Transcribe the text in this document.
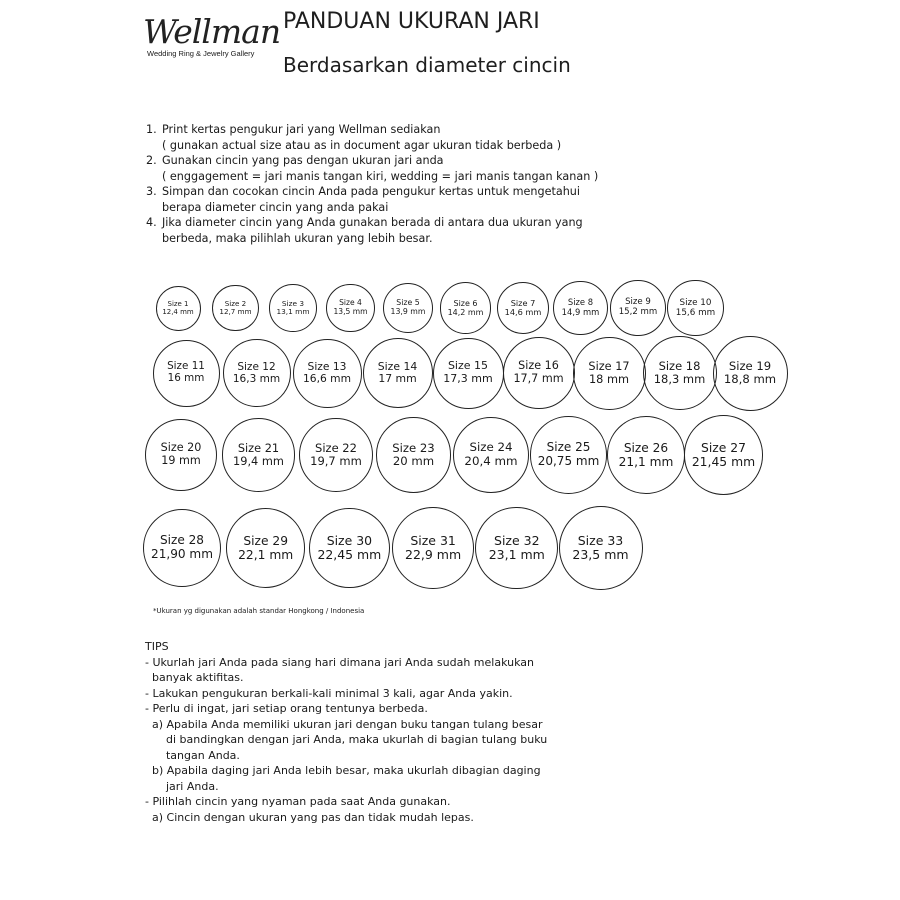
Wellman
Wedding Ring & Jewelry Gallery
PANDUAN UKURAN JARI
Berdasarkan diameter cincin
1. Print kertas pengukur jari yang Wellman sediakan
( gunakan actual size atau as in document agar ukuran tidak berbeda )
2. Gunakan cincin yang pas dengan ukuran jari anda
( enggagement = jari manis tangan kiri, wedding = jari manis tangan kanan )
3. Simpan dan cocokan cincin Anda pada pengukur kertas untuk mengetahui
berapa diameter cincin yang anda pakai
4. Jika diameter cincin yang Anda gunakan berada di antara dua ukuran yang
berbeda, maka pilihlah ukuran yang lebih besar.
Size 1
12,4 mm
Size 2
12,7 mm
Size 3
13,1 mm
Size 4
13,5 mm
Size 5
13,9 mm
Size 6
14,2 mm
Size 7
14,6 mm
Size 8
14,9 mm
Size 9
15,2 mm
Size 10
15,6 mm
Size 11
16 mm
Size 12
16,3 mm
Size 13
16,6 mm
Size 14
17 mm
Size 15
17,3 mm
Size 16
17,7 mm
Size 17
18 mm
Size 18
18,3 mm
Size 19
18,8 mm
Size 20
19 mm
Size 21
19,4 mm
Size 22
19,7 mm
Size 23
20 mm
Size 24
20,4 mm
Size 25
20,75 mm
Size 26
21,1 mm
Size 27
21,45 mm
Size 28
21,90 mm
Size 29
22,1 mm
Size 30
22,45 mm
Size 31
22,9 mm
Size 32
23,1 mm
Size 33
23,5 mm
*Ukuran yg digunakan adalah standar Hongkong / Indonesia
TIPS
- Ukurlah jari Anda pada siang hari dimana jari Anda sudah melakukan
banyak aktifitas.
- Lakukan pengukuran berkali-kali minimal 3 kali, agar Anda yakin.
- Perlu di ingat, jari setiap orang tentunya berbeda.
a) Apabila Anda memiliki ukuran jari dengan buku tangan tulang besar
di bandingkan dengan jari Anda, maka ukurlah di bagian tulang buku
tangan Anda.
b) Apabila daging jari Anda lebih besar, maka ukurlah dibagian daging
jari Anda.
- Pilihlah cincin yang nyaman pada saat Anda gunakan.
a) Cincin dengan ukuran yang pas dan tidak mudah lepas.
